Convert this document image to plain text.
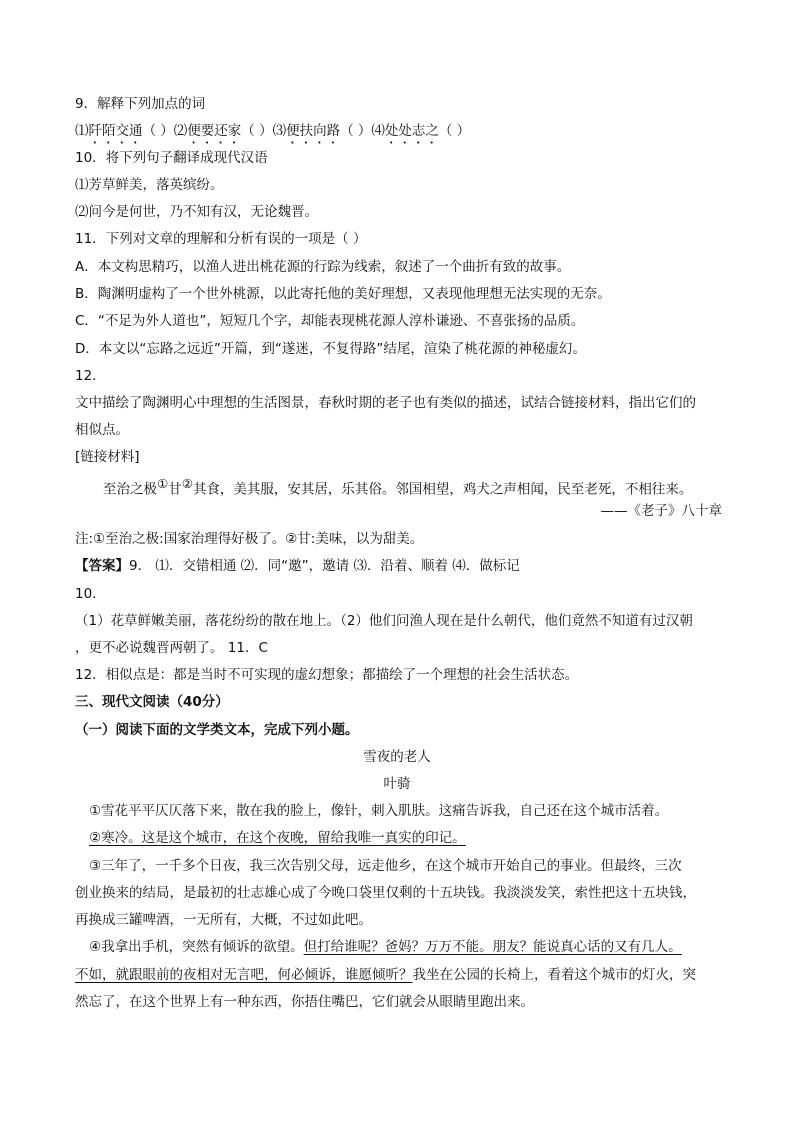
9．解释下列加点的词
⑴阡陌交通（ ）⑵便要还家（ ）⑶便扶向路（ ）⑷处处志之（ ）
10．将下列句子翻译成现代汉语
⑴芳草鲜美，落英缤纷。
⑵问今是何世，乃不知有汉，无论魏晋。
11．下列对文章的理解和分析有误的一项是（ ）
A．本文构思精巧，以渔人进出桃花源的行踪为线索，叙述了一个曲折有致的故事。
B．陶渊明虚构了一个世外桃源，以此寄托他的美好理想，又表现他理想无法实现的无奈。
C．“不足为外人道也”，短短几个字，却能表现桃花源人淳朴谦逊、不喜张扬的品质。
D．本文以“忘路之远近”开篇，到“遂迷，不复得路”结尾，渲染了桃花源的神秘虚幻。
12．
文中描绘了陶渊明心中理想的生活图景，春秋时期的老子也有类似的描述，试结合链接材料，指出它们的
相似点。
[链接材料]
至治之极①甘②其食，美其服，安其居，乐其俗。邻国相望，鸡犬之声相闻，民至老死，不相往来。
——《老子》八十章
注:①至治之极:国家治理得好极了。②甘:美味，以为甜美。
【答案】9． ⑴．交错相通 ⑵．同“邀”，邀请 ⑶．沿着、顺着 ⑷．做标记
10．
（1）花草鲜嫩美丽，落花纷纷的散在地上。（2）他们问渔人现在是什么朝代，他们竟然不知道有过汉朝
，更不必说魏晋两朝了。 11．C
12．相似点是：都是当时不可实现的虚幻想象；都描绘了一个理想的社会生活状态。
三、现代文阅读（40分）
（一）阅读下面的文学类文本，完成下列小题。
雪夜的老人
叶骑
①雪花平平仄仄落下来，散在我的脸上，像针，刺入肌肤。这痛告诉我，自己还在这个城市活着。
②寒冷。这是这个城市，在这个夜晚，留给我唯一真实的印记。
③三年了，一千多个日夜，我三次告别父母，远走他乡，在这个城市开始自己的事业。但最终，三次
创业换来的结局，是最初的壮志雄心成了今晚口袋里仅剩的十五块钱。我淡淡发笑，索性把这十五块钱，
再换成三罐啤酒，一无所有，大概，不过如此吧。
④我拿出手机，突然有倾诉的欲望。但打给谁呢？爸妈？万万不能。朋友？能说真心话的又有几人。
不如，就跟眼前的夜相对无言吧，何必倾诉，谁愿倾听？我坐在公园的长椅上，看着这个城市的灯火，突
然忘了，在这个世界上有一种东西，你捂住嘴巴，它们就会从眼睛里跑出来。
